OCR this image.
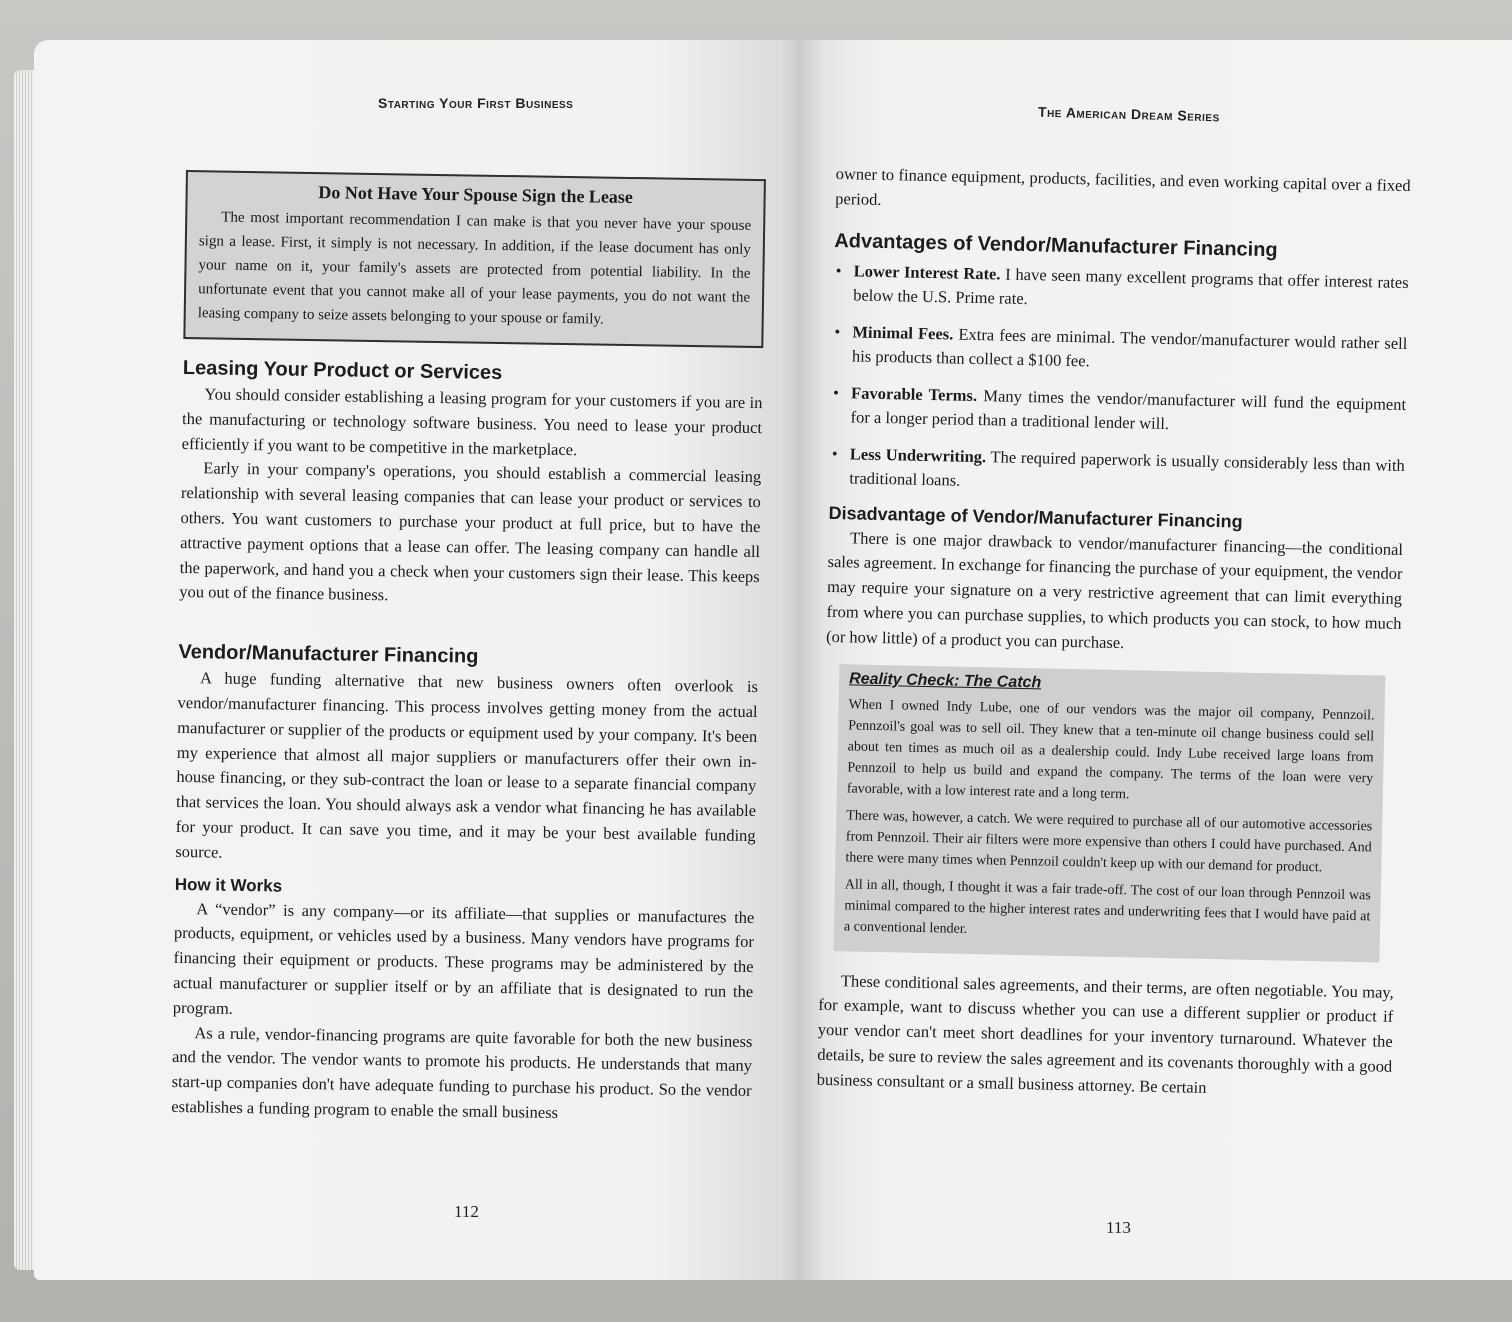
Starting Your First Business
Do Not Have Your Spouse Sign the Lease

The most important recommendation I can make is that you never have your spouse sign a lease. First, it simply is not necessary. In addition, if the lease document has only your name on it, your family's assets are protected from potential liability. In the unfortunate event that you cannot make all of your lease payments, you do not want the leasing company to seize assets belonging to your spouse or family.

Leasing Your Product or Services

You should consider establishing a leasing program for your customers if you are in the manufacturing or technology software business. You need to lease your product efficiently if you want to be competitive in the marketplace.

Early in your company's operations, you should establish a commercial leasing relationship with several leasing companies that can lease your product or services to others. You want customers to purchase your product at full price, but to have the attractive payment options that a lease can offer. The leasing company can handle all the paperwork, and hand you a check when your customers sign their lease. This keeps you out of the finance business.

Vendor/Manufacturer Financing

A huge funding alternative that new business owners often overlook is vendor/manufacturer financing. This process involves getting money from the actual manufacturer or supplier of the products or equipment used by your company. It's been my experience that almost all major suppliers or manufacturers offer their own in-house financing, or they sub-contract the loan or lease to a separate financial company that services the loan. You should always ask a vendor what financing he has available for your product. It can save you time, and it may be your best available funding source.

How it Works

A “vendor” is any company—or its affiliate—that supplies or manufactures the products, equipment, or vehicles used by a business. Many vendors have programs for financing their equipment or products. These programs may be administered by the actual manufacturer or supplier itself or by an affiliate that is designated to run the program.

As a rule, vendor-financing programs are quite favorable for both the new business and the vendor. The vendor wants to promote his products. He understands that many start-up companies don't have adequate funding to purchase his product. So the vendor establishes a funding program to enable the small business

112
The American Dream Series

owner to finance equipment, products, facilities, and even working capital over a fixed period.

Advantages of Vendor/Manufacturer Financing
• Lower Interest Rate. I have seen many excellent programs that offer interest rates below the U.S. Prime rate.
• Minimal Fees. Extra fees are minimal. The vendor/manufacturer would rather sell his products than collect a $100 fee.
• Favorable Terms. Many times the vendor/manufacturer will fund the equipment for a longer period than a traditional lender will.
• Less Underwriting. The required paperwork is usually considerably less than with traditional loans.
Disadvantage of Vendor/Manufacturer Financing

There is one major drawback to vendor/manufacturer financing—the conditional sales agreement. In exchange for financing the purchase of your equipment, the vendor may require your signature on a very restrictive agreement that can limit everything from where you can purchase supplies, to which products you can stock, to how much (or how little) of a product you can purchase.

Reality Check: The Catch

When I owned Indy Lube, one of our vendors was the major oil company, Pennzoil. Pennzoil's goal was to sell oil. They knew that a ten-minute oil change business could sell about ten times as much oil as a dealership could. Indy Lube received large loans from Pennzoil to help us build and expand the company. The terms of the loan were very favorable, with a low interest rate and a long term.

There was, however, a catch. We were required to purchase all of our automotive accessories from Pennzoil. Their air filters were more expensive than others I could have purchased. And there were many times when Pennzoil couldn't keep up with our demand for product.

All in all, though, I thought it was a fair trade-off. The cost of our loan through Pennzoil was minimal compared to the higher interest rates and underwriting fees that I would have paid at a conventional lender.

These conditional sales agreements, and their terms, are often negotiable. You may, for example, want to discuss whether you can use a different supplier or product if your vendor can't meet short deadlines for your inventory turnaround. Whatever the details, be sure to review the sales agreement and its covenants thoroughly with a good business consultant or a small business attorney. Be certain

113
